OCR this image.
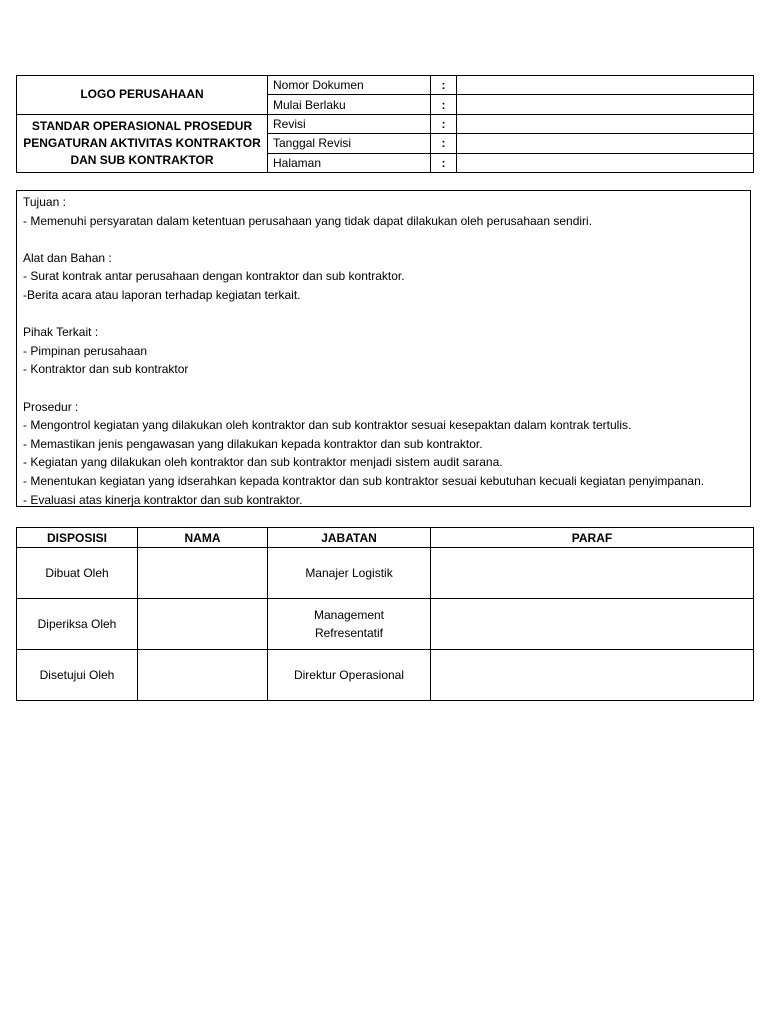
LOGO PERUSAHAAN	Nomor Dokumen	:	
	Mulai Berlaku	:	

STANDAR OPERASIONAL PROSEDUR
PENGATURAN AKTIVITAS KONTRAKTOR
DAN SUB KONTRAKTOR	Revisi	:	
	Tanggal Revisi	:	
	Halaman	:	
Tujuan :
- Memenuhi persyaratan dalam ketentuan perusahaan yang tidak dapat dilakukan oleh perusahaan sendiri.
Alat dan Bahan :
- Surat kontrak antar perusahaan dengan kontraktor dan sub kontraktor.
-Berita acara atau laporan terhadap kegiatan terkait.
Pihak Terkait :
- Pimpinan perusahaan
- Kontraktor dan sub kontraktor
Prosedur :
- Mengontrol kegiatan yang dilakukan oleh kontraktor dan sub kontraktor sesuai kesepaktan dalam kontrak tertulis.
- Memastikan jenis pengawasan yang dilakukan kepada kontraktor dan sub kontraktor.
- Kegiatan yang dilakukan oleh kontraktor dan sub kontraktor menjadi sistem audit sarana.
- Menentukan kegiatan yang idserahkan kepada kontraktor dan sub kontraktor sesuai kebutuhan kecuali kegiatan penyimpanan.
- Evaluasi atas kinerja kontraktor dan sub kontraktor.
DISPOSISI	NAMA	JABATAN	PARAF
Dibuat Oleh		Manajer Logistik	

Diperiksa Oleh		Management
Refresentatif	

Disetujui Oleh		Direktur Operasional	
